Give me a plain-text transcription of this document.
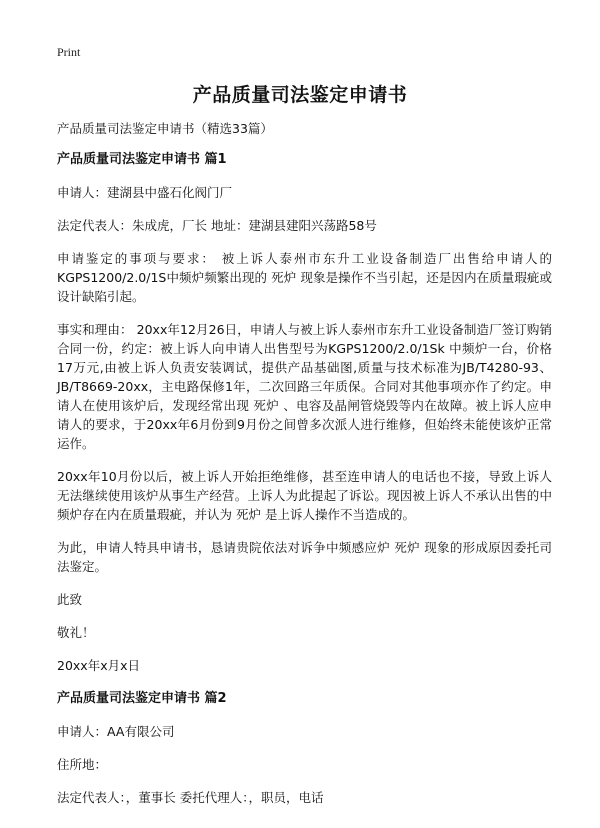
Print
产品质量司法鉴定申请书

产品质量司法鉴定申请书（精选33篇）

产品质量司法鉴定申请书 篇1

申请人：建湖县中盛石化阀门厂

法定代表人：朱成虎，厂长 地址：建湖县建阳兴荡路58号

申请鉴定的事项与要求： 被上诉人泰州市东升工业设备制造厂出售给申请人的KGPS1200/2.0/1S中频炉频繁出现的 死炉 现象是操作不当引起，还是因内在质量瑕疵或设计缺陷引起。

事实和理由： 20xx年12月26日，申请人与被上诉人泰州市东升工业设备制造厂签订购销合同一份，约定：被上诉人向申请人出售型号为KGPS1200/2.0/1Sk 中频炉一台，价格17万元,由被上诉人负责安装调试，提供产品基础图,质量与技术标准为JB/T4280-93、JB/T8669-20xx，主电路保修1年，二次回路三年质保。合同对其他事项亦作了约定。申请人在使用该炉后，发现经常出现 死炉 、电容及晶闸管烧毁等内在故障。被上诉人应申请人的要求，于20xx年6月份到9月份之间曾多次派人进行维修，但始终未能使该炉正常运作。

20xx年10月份以后，被上诉人开始拒绝维修，甚至连申请人的电话也不接，导致上诉人无法继续使用该炉从事生产经营。上诉人为此提起了诉讼。现因被上诉人不承认出售的中频炉存在内在质量瑕疵，并认为 死炉 是上诉人操作不当造成的。

为此，申请人特具申请书，恳请贵院依法对诉争中频感应炉 死炉 现象的形成原因委托司法鉴定。

此致

敬礼！

20xx年x月x日

产品质量司法鉴定申请书 篇2

申请人：AA有限公司

住所地：

法定代表人：，董事长 委托代理人：，职员，电话
